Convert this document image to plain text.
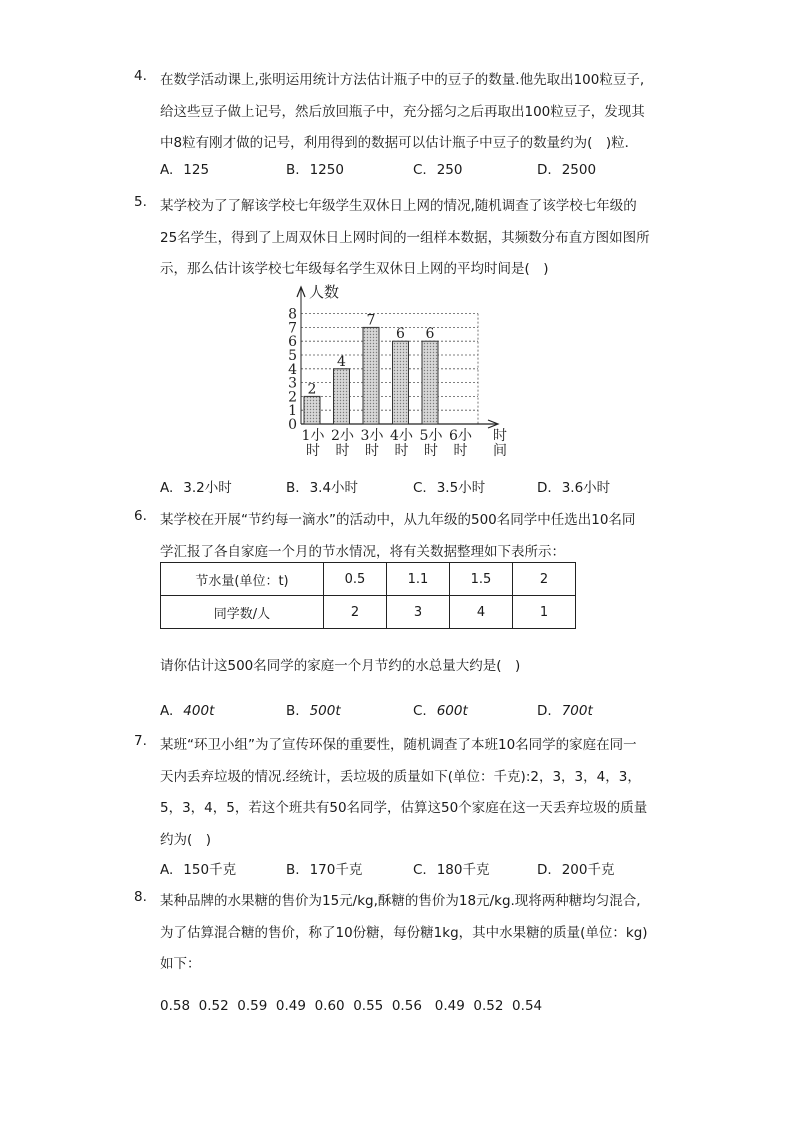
4. 在数学活动课上,张明运用统计方法估计瓶子中的豆子的数量.他先取出100粒豆子,
给这些豆子做上记号，然后放回瓶子中，充分摇匀之后再取出100粒豆子，发现其
中8粒有刚才做的记号，利用得到的数据可以估计瓶子中豆子的数量约为(　)粒．
A. 125	B. 1250	C. 250	D. 2500
5. 某学校为了了解该学校七年级学生双休日上网的情况,随机调查了该学校七年级的
25名学生，得到了上周双休日上网时间的一组样本数据，其频数分布直方图如图所
示，那么估计该学校七年级每名学生双休日上网的平均时间是(　)
A. 3.2小时	B. 3.4小时	C. 3.5小时	D. 3.6小时
0
1
2
3
4
5
6
7
8
人数
2
1小
时
4
2小
时
7
3小
时
6
4小
时
6
5小
时
6小
时
时
间
6. 某学校在开展“节约每一滴水”的活动中，从九年级的500名同学中任选出10名同
学汇报了各自家庭一个月的节水情况，将有关数据整理如下表所示：
节水量(单位：t)	0.5	1.1	1.5	2
同学数/人	2	3	4	1
请你估计这500名同学的家庭一个月节约的水总量大约是(　)
A. 400t	B. 500t	C. 600t	D. 700t
7. 某班“环卫小组”为了宣传环保的重要性，随机调查了本班10名同学的家庭在同一
天内丢弃垃圾的情况.经统计，丢垃圾的质量如下(单位：千克):2，3，3，4，3，
5，3，4，5，若这个班共有50名同学，估算这50个家庭在这一天丢弃垃圾的质量
约为(　)
A. 150千克	B. 170千克	C. 180千克	D. 200千克
8. 某种品牌的水果糖的售价为15元/kg,酥糖的售价为18元/kg.现将两种糖均匀混合,
为了估算混合糖的售价，称了10份糖，每份糖1kg，其中水果糖的质量(单位：kg)
如下：
0.58  0.52  0.59  0.49  0.60  0.55  0.56   0.49  0.52  0.54
